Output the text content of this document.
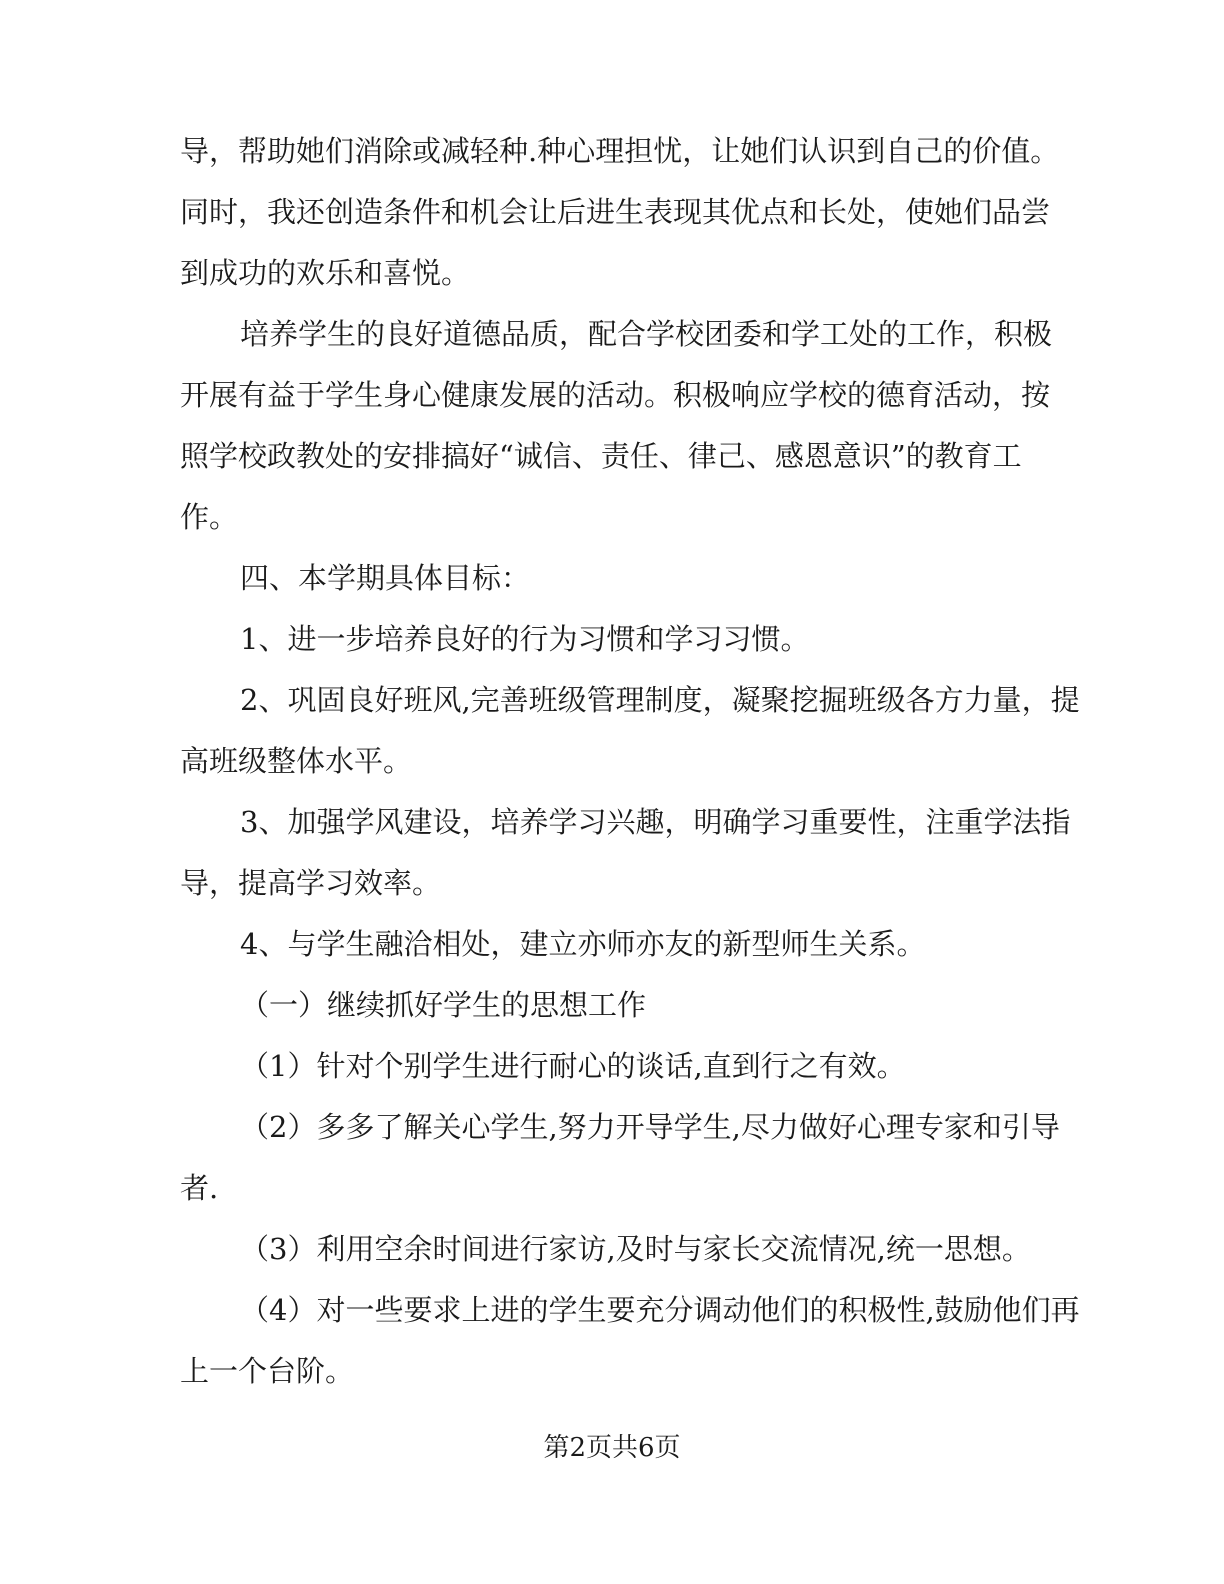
导，帮助她们消除或减轻种.种心理担忧，让她们认识到自己的价值。
同时，我还创造条件和机会让后进生表现其优点和长处，使她们品尝
到成功的欢乐和喜悦。
培养学生的良好道德品质，配合学校团委和学工处的工作，积极
开展有益于学生身心健康发展的活动。积极响应学校的德育活动，按
照学校政教处的安排搞好“诚信、责任、律己、感恩意识”的教育工
作。
四、本学期具体目标：
1、进一步培养良好的行为习惯和学习习惯。
2、巩固良好班风,完善班级管理制度，凝聚挖掘班级各方力量，提
高班级整体水平。
3、加强学风建设，培养学习兴趣，明确学习重要性，注重学法指
导，提高学习效率。
4、与学生融洽相处，建立亦师亦友的新型师生关系。
（一）继续抓好学生的思想工作
（1）针对个别学生进行耐心的谈话,直到行之有效。
（2）多多了解关心学生,努力开导学生,尽力做好心理专家和引导
者.
（3）利用空余时间进行家访,及时与家长交流情况,统一思想。
（4）对一些要求上进的学生要充分调动他们的积极性,鼓励他们再
上一个台阶。
第2页共6页
